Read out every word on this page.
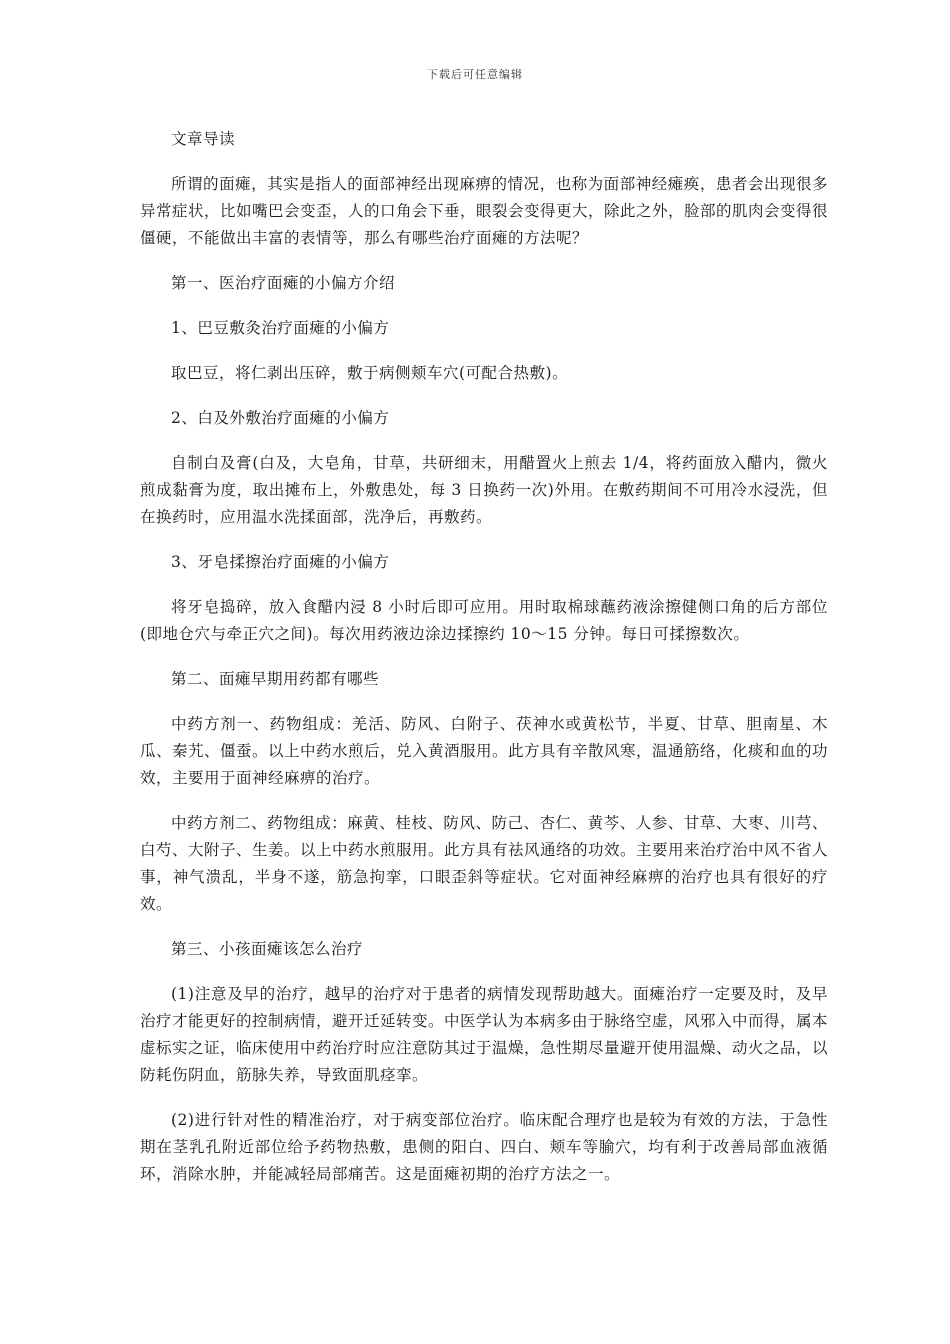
下载后可任意编辑

文章导读

所谓的面瘫，其实是指人的面部神经出现麻痹的情况，也称为面部神经瘫痪，患者会出现很多异常症状，比如嘴巴会变歪，人的口角会下垂，眼裂会变得更大，除此之外，脸部的肌肉会变得很僵硬，不能做出丰富的表情等，那么有哪些治疗面瘫的方法呢？

第一、医治疗面瘫的小偏方介绍

1、巴豆敷灸治疗面瘫的小偏方

取巴豆，将仁剥出压碎，敷于病侧颊车穴(可配合热敷)。

2、白及外敷治疗面瘫的小偏方

自制白及膏(白及，大皂角，甘草，共研细末，用醋置火上煎去 1/4，将药面放入醋内，微火煎成黏膏为度，取出摊布上，外敷患处，每 3 日换药一次)外用。在敷药期间不可用冷水浸洗，但在换药时，应用温水洗揉面部，洗净后，再敷药。

3、牙皂揉擦治疗面瘫的小偏方

将牙皂捣碎，放入食醋内浸 8 小时后即可应用。用时取棉球蘸药液涂擦健侧口角的后方部位(即地仓穴与牵正穴之间)。每次用药液边涂边揉擦约 10～15 分钟。每日可揉擦数次。

第二、面瘫早期用药都有哪些

中药方剂一、药物组成：羌活、防风、白附子、茯神水或黄松节，半夏、甘草、胆南星、木瓜、秦艽、僵蚕。以上中药水煎后，兑入黄酒服用。此方具有辛散风寒，温通筋络，化痰和血的功效，主要用于面神经麻痹的治疗。

中药方剂二、药物组成：麻黄、桂枝、防风、防己、杏仁、黄芩、人参、甘草、大枣、川芎、白芍、大附子、生姜。以上中药水煎服用。此方具有祛风通络的功效。主要用来治疗治中风不省人事，神气溃乱，半身不遂，筋急拘挛，口眼歪斜等症状。它对面神经麻痹的治疗也具有很好的疗效。

第三、小孩面瘫该怎么治疗

(1)注意及早的治疗，越早的治疗对于患者的病情发现帮助越大。面瘫治疗一定要及时，及早治疗才能更好的控制病情，避开迁延转变。中医学认为本病多由于脉络空虚，风邪入中而得，属本虚标实之证，临床使用中药治疗时应注意防其过于温燥，急性期尽量避开使用温燥、动火之品，以防耗伤阴血，筋脉失养，导致面肌痉挛。

(2)进行针对性的精准治疗，对于病变部位治疗。临床配合理疗也是较为有效的方法，于急性期在茎乳孔附近部位给予药物热敷，患侧的阳白、四白、颊车等腧穴，均有利于改善局部血液循环，消除水肿，并能减轻局部痛苦。这是面瘫初期的治疗方法之一。
